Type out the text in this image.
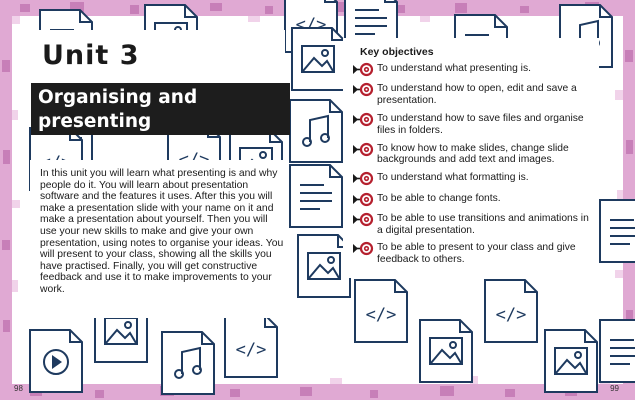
Unit 3
Organising and
presenting
In this unit you will learn what presenting is and why people do it. You will learn about presentation software and the features it uses. After this you will make a presentation slide with your name on it and make a presentation about yourself. Then you will use your new skills to make and give your own presentation, using notes to organise your ideas. You will present to your class, showing all the skills you have practised. Finally, you will get constructive feedback and use it to make improvements to your work.
Key objectives
To understand what presenting is.
To understand how to open, edit and save a presentation.
To understand how to save files and organise files in folders.
To know how to make slides, change slide backgrounds and add text and images.
To understand what formatting is.
To be able to change fonts.
To be able to use transitions and animations in a digital presentation.
To be able to present to your class and give feedback to others.
98	99
